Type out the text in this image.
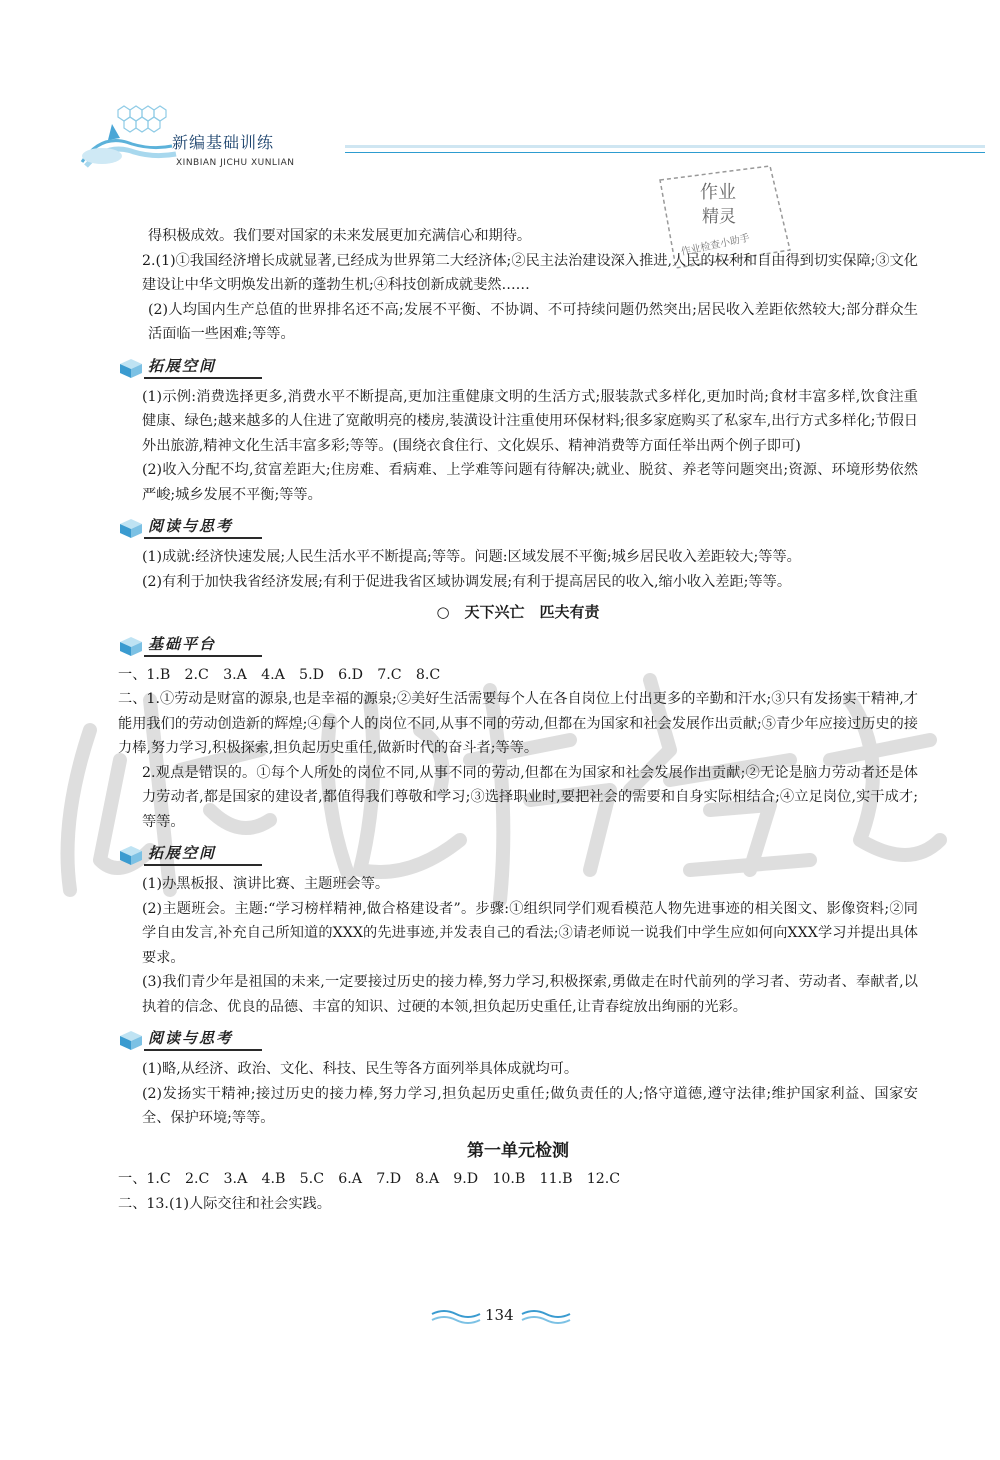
新编基础训练
XINBIAN JICHU XUNLIAN
作业
精灵
作业检查小助手

得积极成效。我们要对国家的未来发展更加充满信心和期待。

2.(1)①我国经济增长成就显著,已经成为世界第二大经济体;②民主法治建设深入推进,人民的权利和自由得到切实保障;③文化建设让中华文明焕发出新的蓬勃生机;④科技创新成就斐然……

(2)人均国内生产总值的世界排名还不高;发展不平衡、不协调、不可持续问题仍然突出;居民收入差距依然较大;部分群众生活面临一些困难;等等。

拓展空间

(1)示例:消费选择更多,消费水平不断提高,更加注重健康文明的生活方式;服装款式多样化,更加时尚;食材丰富多样,饮食注重健康、绿色;越来越多的人住进了宽敞明亮的楼房,装潢设计注重使用环保材料;很多家庭购买了私家车,出行方式多样化;节假日外出旅游,精神文化生活丰富多彩;等等。(围绕衣食住行、文化娱乐、精神消费等方面任举出两个例子即可)

(2)收入分配不均,贫富差距大;住房难、看病难、上学难等问题有待解决;就业、脱贫、养老等问题突出;资源、环境形势依然严峻;城乡发展不平衡;等等。

阅读与思考

(1)成就:经济快速发展;人民生活水平不断提高;等等。问题:区域发展不平衡;城乡居民收入差距较大;等等。

(2)有利于加快我省经济发展;有利于促进我省区域协调发展;有利于提高居民的收入,缩小收入差距;等等。

○　天下兴亡　匹夫有责
基础平台

一、1.B　2.C　3.A　4.A　5.D　6.D　7.C　8.C

二、1.①劳动是财富的源泉,也是幸福的源泉;②美好生活需要每个人在各自岗位上付出更多的辛勤和汗水;③只有发扬实干精神,才能用我们的劳动创造新的辉煌;④每个人的岗位不同,从事不同的劳动,但都在为国家和社会发展作出贡献;⑤青少年应接过历史的接力棒,努力学习,积极探索,担负起历史重任,做新时代的奋斗者;等等。

2.观点是错误的。①每个人所处的岗位不同,从事不同的劳动,但都在为国家和社会发展作出贡献;②无论是脑力劳动者还是体力劳动者,都是国家的建设者,都值得我们尊敬和学习;③选择职业时,要把社会的需要和自身实际相结合;④立足岗位,实干成才;等等。

拓展空间

(1)办黑板报、演讲比赛、主题班会等。

(2)主题班会。主题:“学习榜样精神,做合格建设者”。步骤:①组织同学们观看模范人物先进事迹的相关图文、影像资料;②同学自由发言,补充自己所知道的XXX的先进事迹,并发表自己的看法;③请老师说一说我们中学生应如何向XXX学习并提出具体要求。

(3)我们青少年是祖国的未来,一定要接过历史的接力棒,努力学习,积极探索,勇做走在时代前列的学习者、劳动者、奉献者,以执着的信念、优良的品德、丰富的知识、过硬的本领,担负起历史重任,让青春绽放出绚丽的光彩。

阅读与思考

(1)略,从经济、政治、文化、科技、民生等各方面列举具体成就均可。

(2)发扬实干精神;接过历史的接力棒,努力学习,担负起历史重任;做负责任的人;恪守道德,遵守法律;维护国家利益、国家安全、保护环境;等等。

第一单元检测

一、1.C　2.C　3.A　4.B　5.C　6.A　7.D　8.A　9.D　10.B　11.B　12.C

二、13.(1)人际交往和社会实践。

134
